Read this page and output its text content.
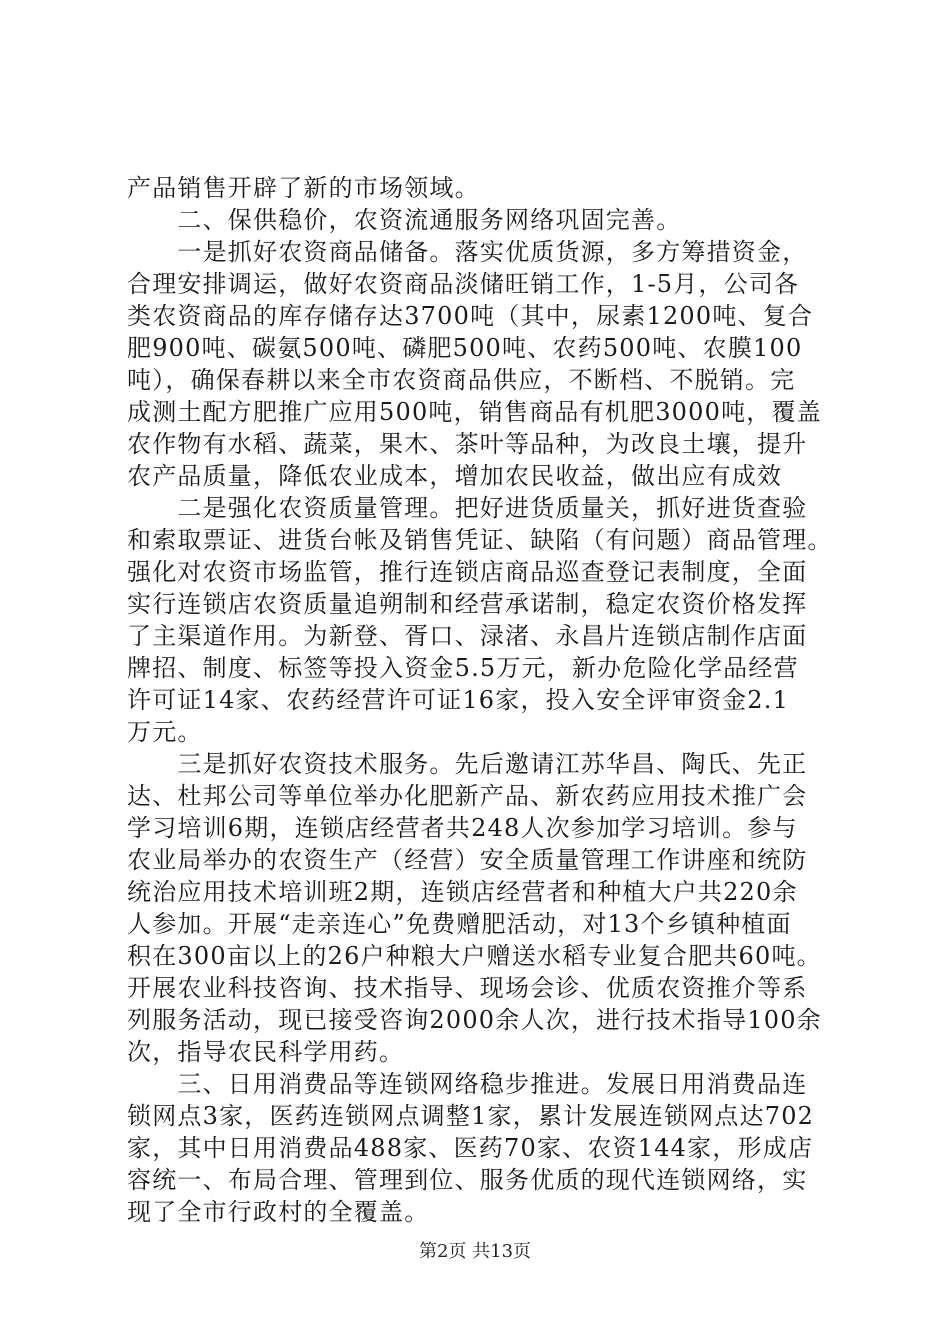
产品销售开辟了新的市场领域。
　　二、保供稳价，农资流通服务网络巩固完善。
　　一是抓好农资商品储备。落实优质货源，多方筹措资金，
合理安排调运，做好农资商品淡储旺销工作，1-5月，公司各
类农资商品的库存储存达3700吨（其中，尿素1200吨、复合
肥900吨、碳氨500吨、磷肥500吨、农药500吨、农膜100
吨），确保春耕以来全市农资商品供应，不断档、不脱销。完
成测土配方肥推广应用500吨，销售商品有机肥3000吨，覆盖
农作物有水稻、蔬菜，果木、茶叶等品种，为改良土壤，提升
农产品质量，降低农业成本，增加农民收益，做出应有成效
　　二是强化农资质量管理。把好进货质量关，抓好进货查验
和索取票证、进货台帐及销售凭证、缺陷（有问题）商品管理。
强化对农资市场监管，推行连锁店商品巡查登记表制度，全面
实行连锁店农资质量追朔制和经营承诺制，稳定农资价格发挥
了主渠道作用。为新登、胥口、渌渚、永昌片连锁店制作店面
牌招、制度、标签等投入资金5.5万元，新办危险化学品经营
许可证14家、农药经营许可证16家，投入安全评审资金2.1
万元。
　　三是抓好农资技术服务。先后邀请江苏华昌、陶氏、先正
达、杜邦公司等单位举办化肥新产品、新农药应用技术推广会
学习培训6期，连锁店经营者共248人次参加学习培训。参与
农业局举办的农资生产（经营）安全质量管理工作讲座和统防
统治应用技术培训班2期，连锁店经营者和种植大户共220余
人参加。开展“走亲连心”免费赠肥活动，对13个乡镇种植面
积在300亩以上的26户种粮大户赠送水稻专业复合肥共60吨。
开展农业科技咨询、技术指导、现场会诊、优质农资推介等系
列服务活动，现已接受咨询2000余人次，进行技术指导100余
次，指导农民科学用药。
　　三、日用消费品等连锁网络稳步推进。发展日用消费品连
锁网点3家，医药连锁网点调整1家，累计发展连锁网点达702
家，其中日用消费品488家、医药70家、农资144家，形成店
容统一、布局合理、管理到位、服务优质的现代连锁网络，实
现了全市行政村的全覆盖。
第2页 共13页
